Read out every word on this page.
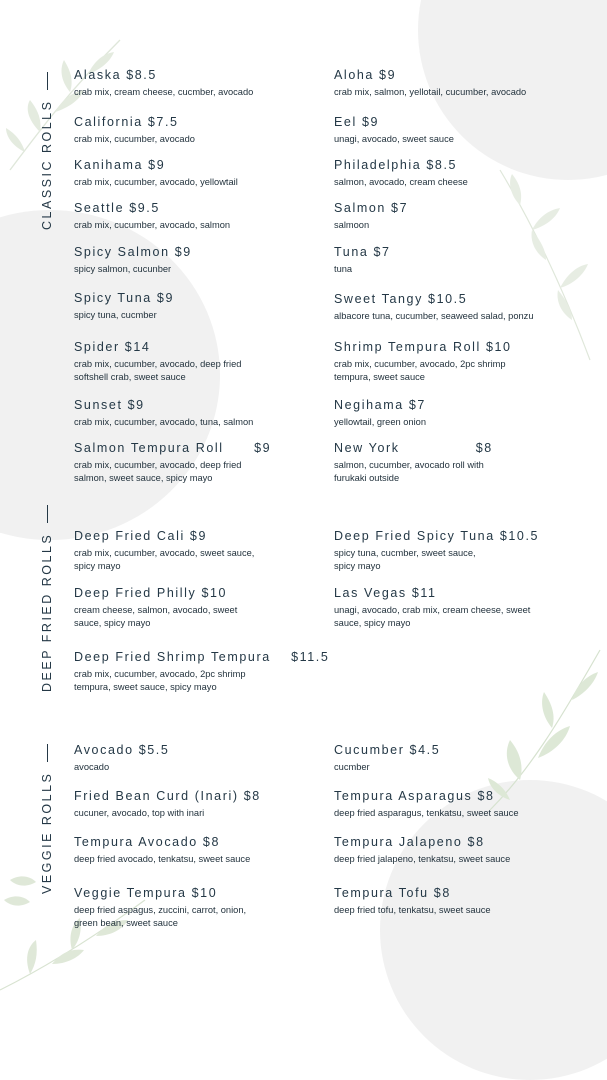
CLASSIC ROLLS
DEEP FRIED ROLLS
VEGGIE ROLLS
Alaska $8.5
crab mix, cream cheese, cucmber, avocado
California $7.5
crab mix, cucumber, avocado
Kanihama $9
crab mix, cucumber, avocado, yellowtail
Seattle $9.5
crab mix, cucumber, avocado, salmon
Spicy Salmon $9
spicy salmon, cucunber
Spicy Tuna $9
spicy tuna, cucmber
Spider $14
crab mix, cucumber, avocado, deep fried softshell crab, sweet sauce
Sunset $9
crab mix, cucumber, avocado, tuna, salmon
Salmon Tempura Roll      $9
crab mix, cucumber, avocado, deep fried salmon, sweet sauce, spicy mayo
Aloha $9
crab mix, salmon, yellotail, cucumber, avocado
Eel $9
unagi, avocado, sweet sauce
Philadelphia $8.5
salmon, avocado, cream cheese
Salmon $7
salmoon
Tuna $7
tuna
Sweet Tangy $10.5
albacore tuna, cucumber, seaweed salad, ponzu
Shrimp Tempura Roll $10
crab mix, cucumber, avocado, 2pc shrimp tempura, sweet sauce
Negihama $7
yellowtail, green onion
New York               $8
salmon, cucumber, avocado roll with furukaki outside
Deep Fried Cali $9
crab mix, cucumber, avocado, sweet sauce, spicy mayo
Deep Fried Spicy Tuna $10.5
spicy tuna, cucmber, sweet sauce, spicy mayo
Deep Fried Philly $10
cream cheese, salmon, avocado, sweet sauce, spicy mayo
Las Vegas $11
unagi, avocado, crab mix, cream cheese, sweet sauce, spicy mayo
Deep Fried Shrimp Tempura    $11.5
crab mix, cucumber, avocado, 2pc shrimp tempura, sweet sauce, spicy mayo
Avocado $5.5
avocado
Fried Bean Curd (Inari) $8
cucuner, avocado, top with inari
Tempura Avocado $8
deep fried avocado, tenkatsu, sweet sauce
Veggie Tempura $10
deep fried aspagus, zuccini, carrot, onion, green bean, sweet sauce
Cucumber $4.5
cucmber
Tempura Asparagus $8
deep fried asparagus, tenkatsu, sweet sauce
Tempura Jalapeno $8
deep fried jalapeno, tenkatsu, sweet sauce
Tempura Tofu $8
deep fried tofu, tenkatsu, sweet sauce
